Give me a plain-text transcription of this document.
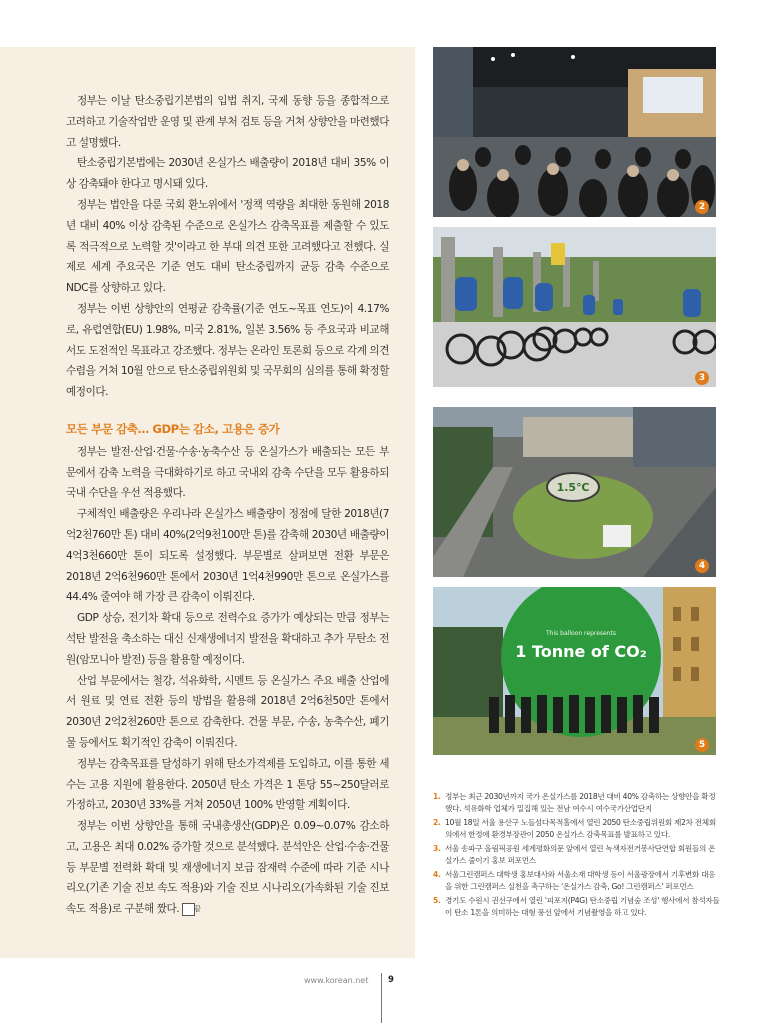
정부는 이날 탄소중립기본법의 입법 취지, 국제 동향 등을 종합적으로 고려하고 기술작업반 운영 및 관계 부처 검토 등을 거쳐 상향안을 마련했다고 설명했다.

탄소중립기본법에는 2030년 온실가스 배출량이 2018년 대비 35% 이상 감축돼야 한다고 명시돼 있다.

정부는 법안을 다룬 국회 환노위에서 '정책 역량을 최대한 동원해 2018년 대비 40% 이상 감축된 수준으로 온실가스 감축목표를 제출할 수 있도록 적극적으로 노력할 것'이라고 한 부대 의견 또한 고려했다고 전했다. 실제로 세계 주요국은 기준 연도 대비 탄소중립까지 균등 감축 수준으로 NDC를 상향하고 있다.

정부는 이번 상향안의 연평균 감축률(기준 연도~목표 연도)이 4.17%로, 유럽연합(EU) 1.98%, 미국 2.81%, 일본 3.56% 등 주요국과 비교해서도 도전적인 목표라고 강조했다. 정부는 온라인 토론회 등으로 각계 의견 수렴을 거쳐 10월 안으로 탄소중립위원회 및 국무회의 심의를 통해 확정할 예정이다.

모든 부문 감축… GDP는 감소, 고용은 증가

정부는 발전·산업·건물·수송·농축수산 등 온실가스가 배출되는 모든 부문에서 감축 노력을 극대화하기로 하고 국내외 감축 수단을 모두 활용하되 국내 수단을 우선 적용했다.

구체적인 배출량은 우리나라 온실가스 배출량이 정점에 달한 2018년(7억2천760만 톤) 대비 40%(2억9천100만 톤)를 감축해 2030년 배출량이 4억3천660만 톤이 되도록 설정했다. 부문별로 살펴보면 전환 부문은 2018년 2억6천960만 톤에서 2030년 1억4천990만 톤으로 온실가스를 44.4% 줄여야 해 가장 큰 감축이 이뤄진다.

GDP 상승, 전기차 확대 등으로 전력수요 증가가 예상되는 만큼 정부는 석탄 발전을 축소하는 대신 신재생에너지 발전을 확대하고 추가 무탄소 전원(암모니아 발전) 등을 활용할 예정이다.

산업 부문에서는 철강, 석유화학, 시멘트 등 온실가스 주요 배출 산업에서 원료 및 연료 전환 등의 방법을 활용해 2018년 2억6천50만 톤에서 2030년 2억2천260만 톤으로 감축한다. 건물 부문, 수송, 농축수산, 폐기물 등에서도 획기적인 감축이 이뤄진다.

정부는 감축목표를 달성하기 위해 탄소가격제를 도입하고, 이를 통한 세수는 고용 지원에 활용한다. 2050년 탄소 가격은 1 톤당 55~250달러로 가정하고, 2030년 33%를 거쳐 2050년 100% 반영할 계획이다.

정부는 이번 상향안을 통해 국내총생산(GDP)은 0.09~0.07% 감소하고, 고용은 최대 0.02% 증가할 것으로 분석했다. 분석안은 산업·수송·건물 등 부문별 전력화 확대 및 재생에너지 보급 잠재력 수준에 따라 기준 시나리오(기존 기술 진보 속도 적용)와 기술 진보 시나리오(가속화된 기술 진보 속도 적용)로 구분해 짰다. 끝

2
3
1.5℃
4
This balloon represents
1 Tonne of CO₂
5
1. 정부는 최근 2030년까지 국가 온실가스를 2018년 대비 40% 감축하는 상향안을 확정했다. 석유화학 업체가 밀집해 있는 전남 여수시 여수국가산업단지
2. 10월 18일 서울 용산구 노들섬다목적홀에서 열린 2050 탄소중립위원회 제2차 전체회의에서 한정애 환경부장관이 2050 온실가스 감축목표를 발표하고 있다.
3. 서울 송파구 올림픽공원 세계평화의문 앞에서 열린 녹색자전거봉사단연합 회원들의 온실가스 줄이기 홍보 퍼포먼스
4. 서울그린캠퍼스 대학생 홍보대사와 서울소재 대학생 등이 서울광장에서 기후변화 대응을 위한 그린캠퍼스 실천을 촉구하는 '온실가스 감축, Go! 그린캠퍼스' 퍼포먼스
5. 경기도 수원시 권선구에서 열린 '피포지(P4G) 탄소중립 기념숲 조성' 행사에서 참석자들이 탄소 1톤을 의미하는 대형 풍선 앞에서 기념촬영을 하고 있다.
www.korean.net 9
